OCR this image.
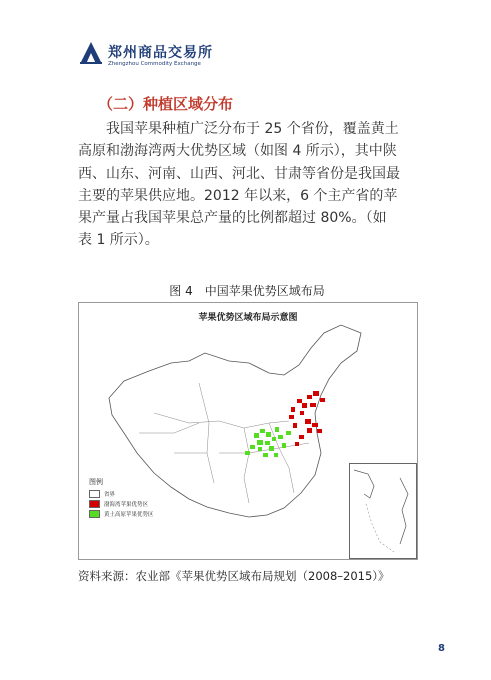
郑州商品交易所
Zhengzhou Commodity Exchange
（二）种植区域分布
我国苹果种植广泛分布于 25 个省份，覆盖黄土
高原和渤海湾两大优势区域（如图 4 所示），其中陕
西、山东、河南、山西、河北、甘肃等省份是我国最
主要的苹果供应地。2012 年以来，6 个主产省的苹
果产量占我国苹果总产量的比例都超过 80%。（如
表 1 所示）。
图 4　中国苹果优势区域布局
苹果优势区域布局示意图
图例
省界
渤海湾苹果优势区
黄土高原苹果优势区
资料来源：农业部《苹果优势区域布局规划（2008–2015）》
8
